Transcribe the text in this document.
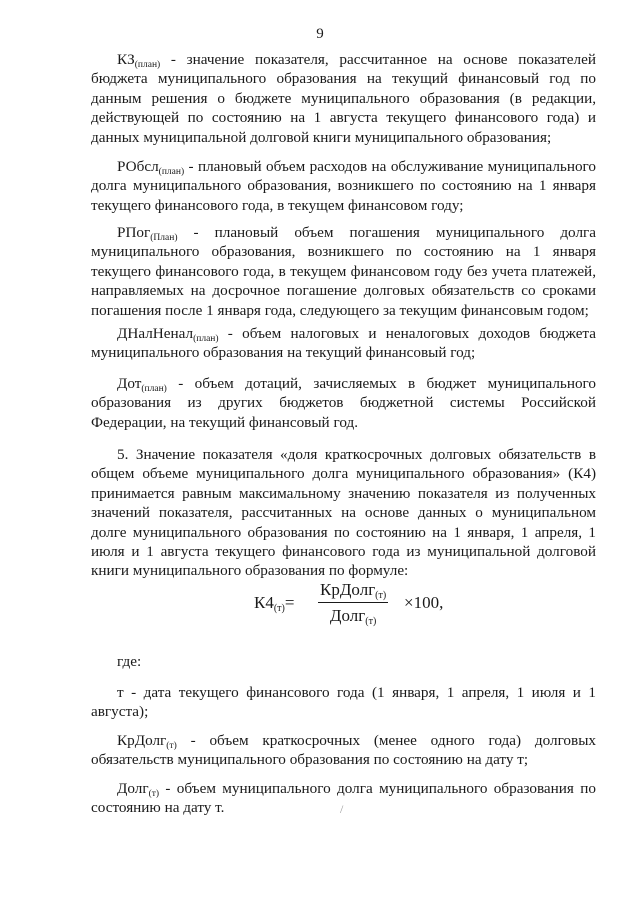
9
$КЗ_{(план)}$ - значение показателя, рассчитанное на основе показателей бюджета муниципального образования на текущий финансовый год по данным решения о бюджете муниципального образования (в редакции, действующей по состоянию на 1 августа текущего финансового года) и данных муниципальной долговой книги муниципального образования;
РОбсл$_{(план)}$ - плановый объем расходов на обслуживание муниципального долга муниципального образования, возникшего по состоянию на 1 января текущего финансового года, в текущем финансовом году;
РПог$_{(План)}$ - плановый объем погашения муниципального долга муниципального образования, возникшего по состоянию на 1 января текущего финансового года, в текущем финансовом году без учета платежей, направляемых на досрочное погашение долговых обязательств со сроками погашения после 1 января года, следующего за текущим финансовым годом;
ДНалНенал$_{(план)}$ - объем налоговых и неналоговых доходов бюджета муниципального образования на текущий финансовый год;
Дот$_{(план)}$ - объем дотаций, зачисляемых в бюджет муниципального образования из других бюджетов бюджетной системы Российской Федерации, на текущий финансовый год.
5. Значение показателя «доля краткосрочных долговых обязательств в общем объеме муниципального долга муниципального образования» (К4) принимается равным максимальному значению показателя из полученных значений показателя, рассчитанных на основе данных о муниципальном долге муниципального образования по состоянию на 1 января, 1 апреля, 1 июля и 1 августа текущего финансового года из муниципальной долговой книги муниципального образования по формуле:
$К4_{(т)}=$
КрДолг$_{(т)}$
Долг$_{(т)}$
×100,
где:
т - дата текущего финансового года (1 января, 1 апреля, 1 июля и 1 августа);
КрДолг$_{(т)}$ - объем краткосрочных (менее одного года) долговых обязательств муниципального образования по состоянию на дату т;
Долг$_{(т)}$ - объем муниципального долга муниципального образования по состоянию на дату т.	/
